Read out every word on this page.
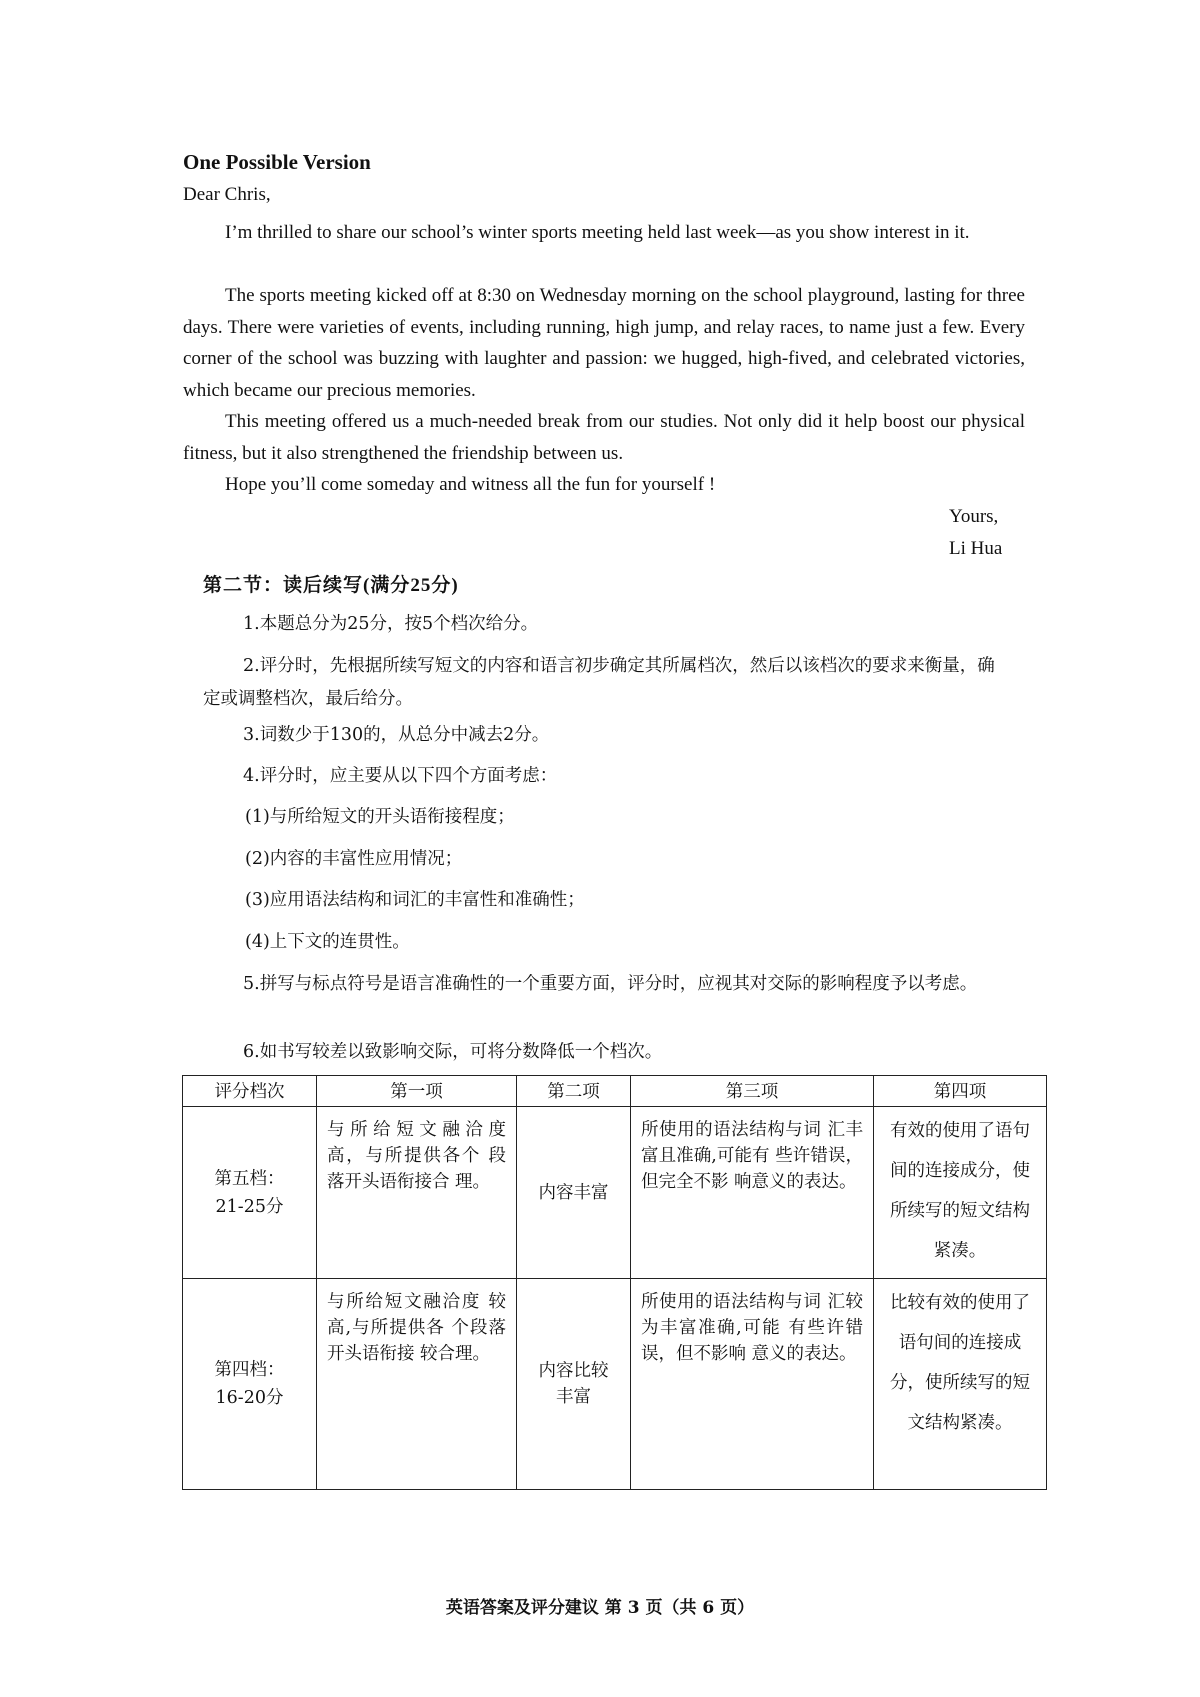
One Possible Version
Dear Chris,
I’m thrilled to share our school’s winter sports meeting held last week—as you show interest in it.
The sports meeting kicked off at 8:30 on Wednesday morning on the school playground, lasting for three days. There were varieties of events, including running, high jump, and relay races, to name just a few. Every corner of the school was buzzing with laughter and passion: we hugged, high-fived, and celebrated victories, which became our precious memories.
This meeting offered us a much-needed break from our studies. Not only did it help boost our physical fitness, but it also strengthened the friendship between us.
Hope you’ll come someday and witness all the fun for yourself !
Yours,
Li Hua
第二节：读后续写(满分25分)
1.本题总分为25分，按5个档次给分。
2.评分时，先根据所续写短文的内容和语言初步确定其所属档次，然后以该档次的要求来衡量，确定或调整档次，最后给分。
3.词数少于130的，从总分中减去2分。
4.评分时，应主要从以下四个方面考虑：
(1)与所给短文的开头语衔接程度；
(2)内容的丰富性应用情况；
(3)应用语法结构和词汇的丰富性和准确性；
(4)上下文的连贯性。
5.拼写与标点符号是语言准确性的一个重要方面，评分时，应视其对交际的影响程度予以考虑。
6.如书写较差以致影响交际，可将分数降低一个档次。
评分档次	第一项	第二项	第三项	第四项

第五档：
21-25分	与所给短文融洽度 高，与所提供各个 段落开头语衔接合 理。	内容丰富	所使用的语法结构与词 汇丰富且准确,可能有 些许错误，但完全不影 响意义的表达。	有效的使用了语句间的连接成分，使所续写的短文结构紧凑。

第四档：
16-20分	与所给短文融洽度 较高,与所提供各 个段落开头语衔接 较合理。	内容比较 丰富	所使用的语法结构与词 汇较为丰富准确,可能 有些许错误，但不影响 意义的表达。	比较有效的使用了语句间的连接成分，使所续写的短文结构紧凑。
英语答案及评分建议 第 3 页（共 6 页）
